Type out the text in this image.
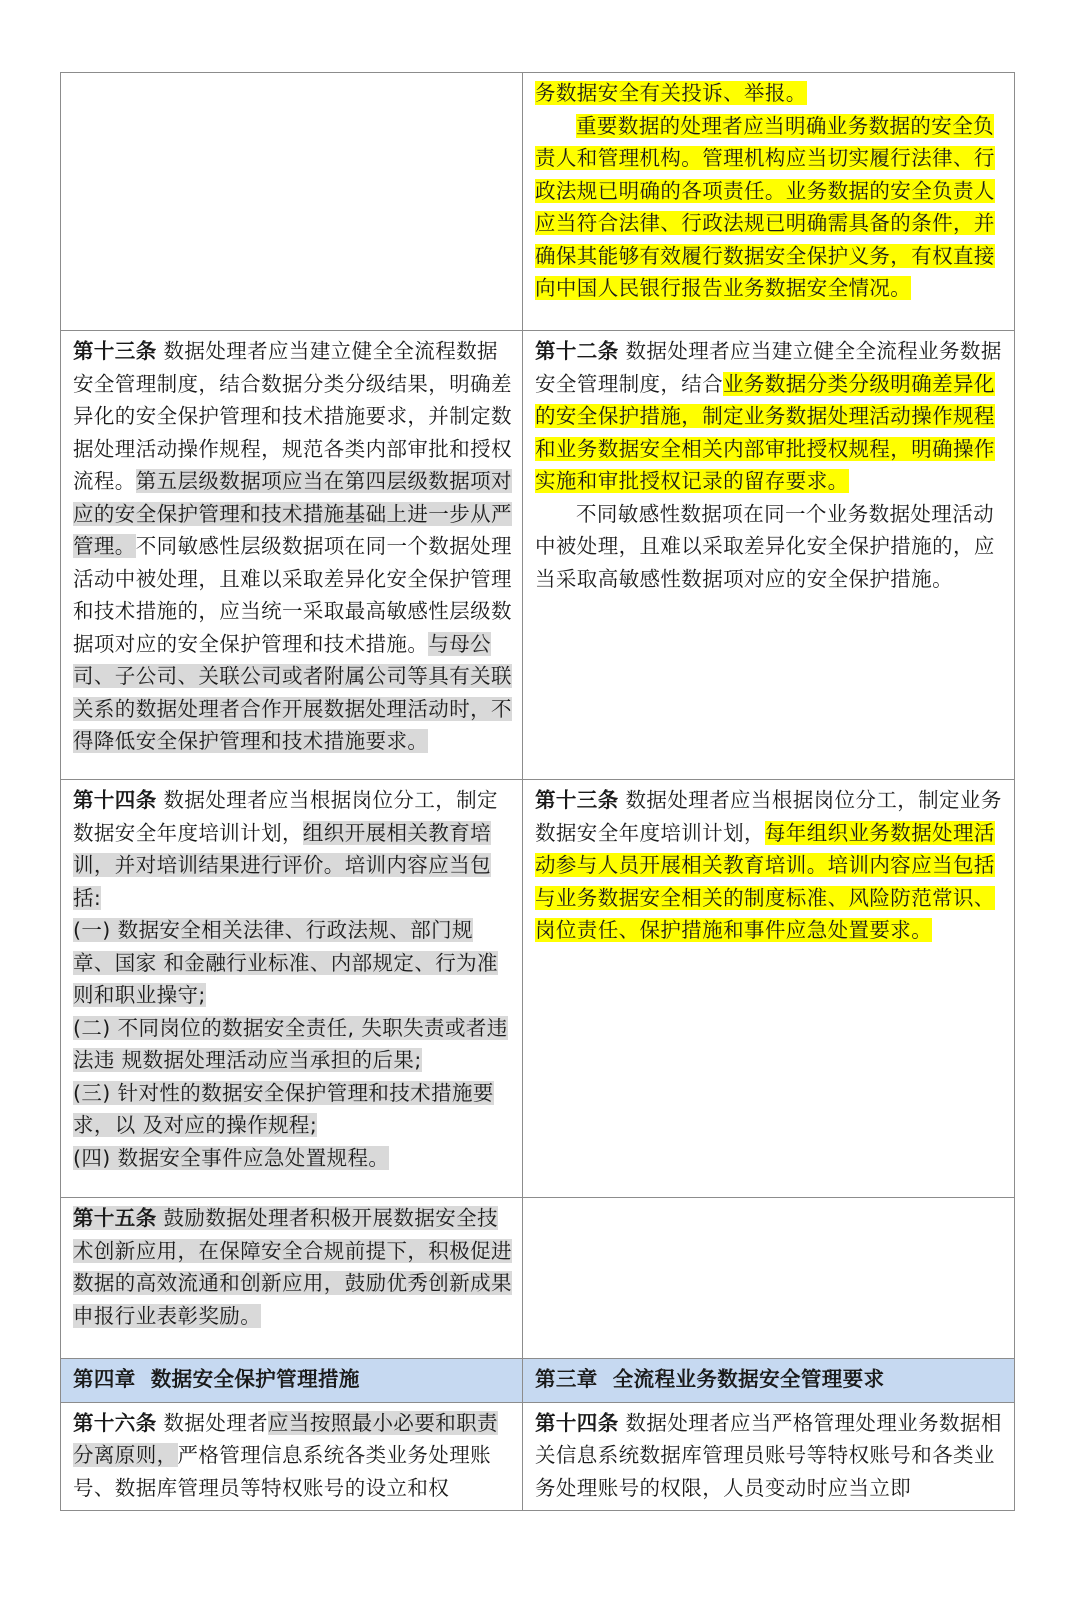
	务数据安全有关投诉、举报。
重要数据的处理者应当明确业务数据的安全负责人和管理机构。管理机构应当切实履行法律、行政法规已明确的各项责任。业务数据的安全负责人应当符合法律、行政法规已明确需具备的条件，并确保其能够有效履行数据安全保护义务，有权直接向中国人民银行报告业务数据安全情况。

第十三条 数据处理者应当建立健全全流程数据安全管理制度，结合数据分类分级结果，明确差异化的安全保护管理和技术措施要求，并制定数据处理活动操作规程，规范各类内部审批和授权流程。第五层级数据项应当在第四层级数据项对应的安全保护管理和技术措施基础上进一步从严管理。不同敏感性层级数据项在同一个数据处理活动中被处理，且难以采取差异化安全保护管理和技术措施的，应当统一采取最高敏感性层级数据项对应的安全保护管理和技术措施。与母公司、子公司、关联公司或者附属公司等具有关联关系的数据处理者合作开展数据处理活动时，不得降低安全保护管理和技术措施要求。	第十二条 数据处理者应当建立健全全流程业务数据安全管理制度，结合业务数据分类分级明确差异化的安全保护措施，制定业务数据处理活动操作规程和业务数据安全相关内部审批授权规程，明确操作实施和审批授权记录的留存要求。
不同敏感性数据项在同一个业务数据处理活动中被处理，且难以采取差异化安全保护措施的，应当采取高敏感性数据项对应的安全保护措施。

第十四条 数据处理者应当根据岗位分工，制定数据安全年度培训计划，组织开展相关教育培训，并对培训结果进行评价。培训内容应当包括:
(一) 数据安全相关法律、行政法规、部门规章、国家 和金融行业标准、内部规定、行为准则和职业操守;
(二) 不同岗位的数据安全责任, 失职失责或者违法违 规数据处理活动应当承担的后果;
(三) 针对性的数据安全保护管理和技术措施要求，以 及对应的操作规程;
(四) 数据安全事件应急处置规程。	第十三条 数据处理者应当根据岗位分工，制定业务数据安全年度培训计划，每年组织业务数据处理活动参与人员开展相关教育培训。培训内容应当包括与业务数据安全相关的制度标准、风险防范常识、岗位责任、保护措施和事件应急处置要求。
第十五条 鼓励数据处理者积极开展数据安全技术创新应用，在保障安全合规前提下，积极促进数据的高效流通和创新应用，鼓励优秀创新成果申报行业表彰奖励。	
第四章  数据安全保护管理措施	第三章  全流程业务数据安全管理要求
第十六条 数据处理者应当按照最小必要和职责分离原则，严格管理信息系统各类业务处理账号、数据库管理员等特权账号的设立和权	第十四条 数据处理者应当严格管理处理业务数据相关信息系统数据库管理员账号等特权账号和各类业务处理账号的权限，人员变动时应当立即
